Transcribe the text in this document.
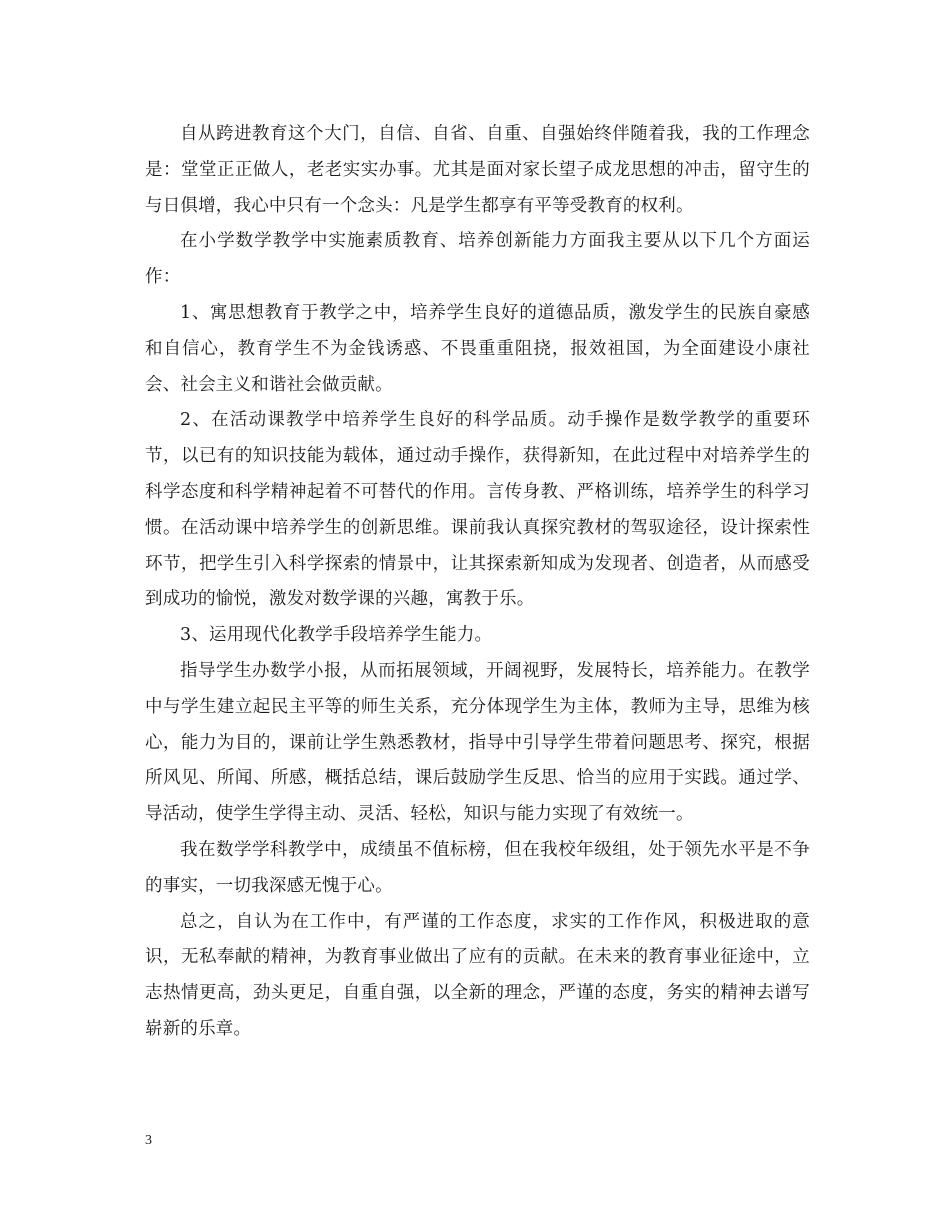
自从跨进教育这个大门，自信、自省、自重、自强始终伴随着我，我的工作理念是：堂堂正正做人，老老实实办事。尤其是面对家长望子成龙思想的冲击，留守生的与日俱增，我心中只有一个念头：凡是学生都享有平等受教育的权利。

在小学数学教学中实施素质教育、培养创新能力方面我主要从以下几个方面运作：

1、寓思想教育于教学之中，培养学生良好的道德品质，激发学生的民族自豪感和自信心，教育学生不为金钱诱惑、不畏重重阻挠，报效祖国，为全面建设小康社会、社会主义和谐社会做贡献。

2、在活动课教学中培养学生良好的科学品质。动手操作是数学教学的重要环节，以已有的知识技能为载体，通过动手操作，获得新知，在此过程中对培养学生的科学态度和科学精神起着不可替代的作用。言传身教、严格训练，培养学生的科学习惯。在活动课中培养学生的创新思维。课前我认真探究教材的驾驭途径，设计探索性环节，把学生引入科学探索的情景中，让其探索新知成为发现者、创造者，从而感受到成功的愉悦，激发对数学课的兴趣，寓教于乐。

3、运用现代化教学手段培养学生能力。

指导学生办数学小报，从而拓展领域，开阔视野，发展特长，培养能力。在教学中与学生建立起民主平等的师生关系，充分体现学生为主体，教师为主导，思维为核心，能力为目的，课前让学生熟悉教材，指导中引导学生带着问题思考、探究，根据所风见、所闻、所感，概括总结，课后鼓励学生反思、恰当的应用于实践。通过学、导活动，使学生学得主动、灵活、轻松，知识与能力实现了有效统一。

我在数学学科教学中，成绩虽不值标榜，但在我校年级组，处于领先水平是不争的事实，一切我深感无愧于心。

总之，自认为在工作中，有严谨的工作态度，求实的工作作风，积极进取的意识，无私奉献的精神，为教育事业做出了应有的贡献。在未来的教育事业征途中，立志热情更高，劲头更足，自重自强，以全新的理念，严谨的态度，务实的精神去谱写崭新的乐章。

3
